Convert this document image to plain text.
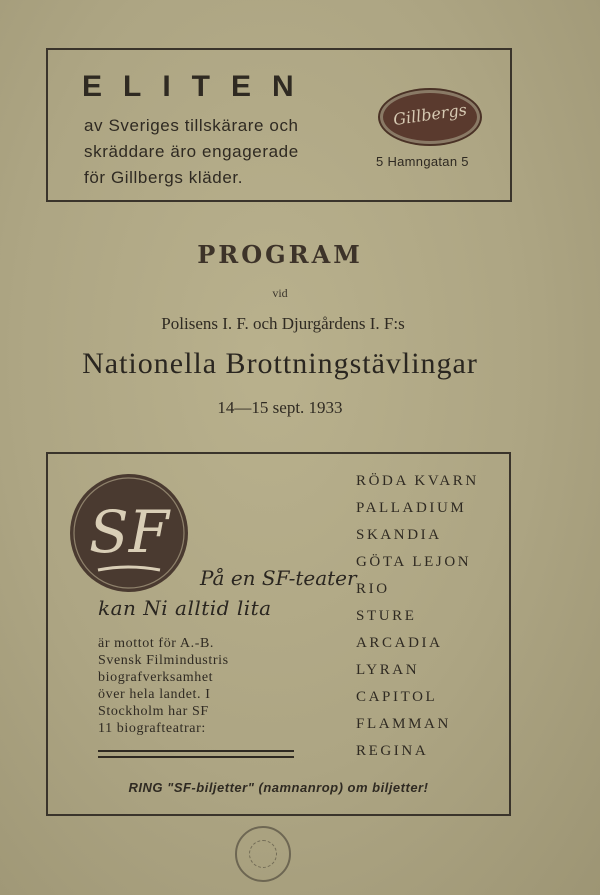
ELITEN
av Sveriges tillskärare och
skräddare äro engagerade
för Gillbergs kläder.
Gillbergs
5 Hamngatan 5
PROGRAM
vid
Polisens I. F. och Djurgårdens I. F:s
Nationella Brottningstävlingar
14—15 sept. 1933
SF
På en SF-teater
kan Ni alltid lita
är mottot för A.-B.
Svensk Filmindustris
biografverksamhet
över hela landet. I
Stockholm har SF
11 biografteatrar:
RÖDA KVARN
PALLADIUM
SKANDIA
GÖTA LEJON
RIO
STURE
ARCADIA
LYRAN
CAPITOL
FLAMMAN
REGINA
RING "SF-biljetter" (namnanrop) om biljetter!
